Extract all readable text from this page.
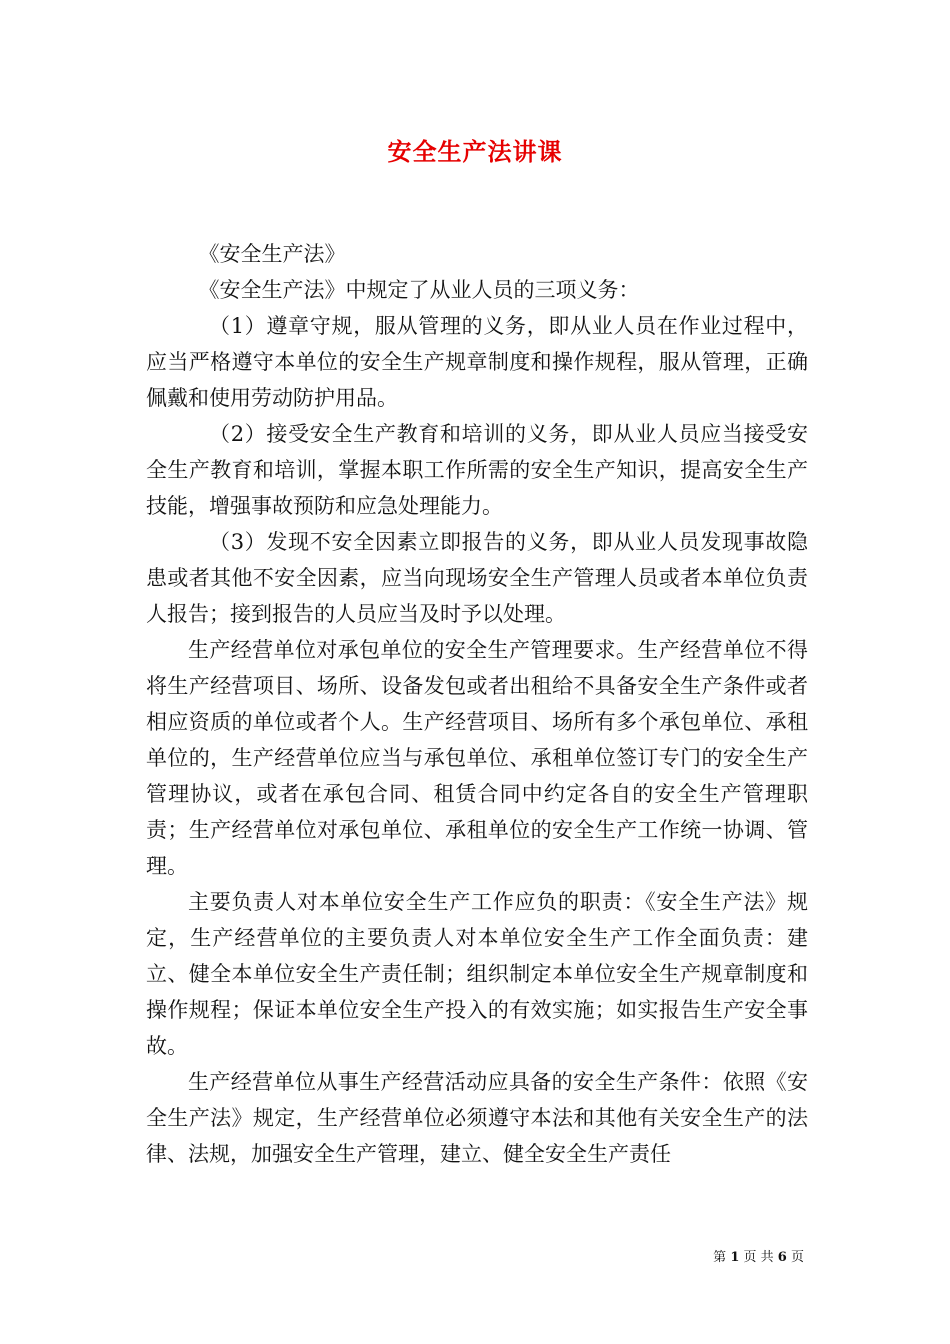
安全生产法讲课

《安全生产法》

《安全生产法》中规定了从业人员的三项义务：

（1）遵章守规，服从管理的义务，即从业人员在作业过程中，应当严格遵守本单位的安全生产规章制度和操作规程，服从管理，正确佩戴和使用劳动防护用品。

（2）接受安全生产教育和培训的义务，即从业人员应当接受安全生产教育和培训，掌握本职工作所需的安全生产知识，提高安全生产技能，增强事故预防和应急处理能力。

（3）发现不安全因素立即报告的义务，即从业人员发现事故隐患或者其他不安全因素，应当向现场安全生产管理人员或者本单位负责人报告；接到报告的人员应当及时予以处理。

生产经营单位对承包单位的安全生产管理要求。生产经营单位不得将生产经营项目、场所、设备发包或者出租给不具备安全生产条件或者相应资质的单位或者个人。生产经营项目、场所有多个承包单位、承租单位的，生产经营单位应当与承包单位、承租单位签订专门的安全生产管理协议，或者在承包合同、租赁合同中约定各自的安全生产管理职责；生产经营单位对承包单位、承租单位的安全生产工作统一协调、管理。

主要负责人对本单位安全生产工作应负的职责：《安全生产法》规定，生产经营单位的主要负责人对本单位安全生产工作全面负责：建立、健全本单位安全生产责任制；组织制定本单位安全生产规章制度和操作规程；保证本单位安全生产投入的有效实施；如实报告生产安全事故。

生产经营单位从事生产经营活动应具备的安全生产条件：依照《安全生产法》规定，生产经营单位必须遵守本法和其他有关安全生产的法律、法规，加强安全生产管理，建立、健全安全生产责任

第 1 页 共 6 页
